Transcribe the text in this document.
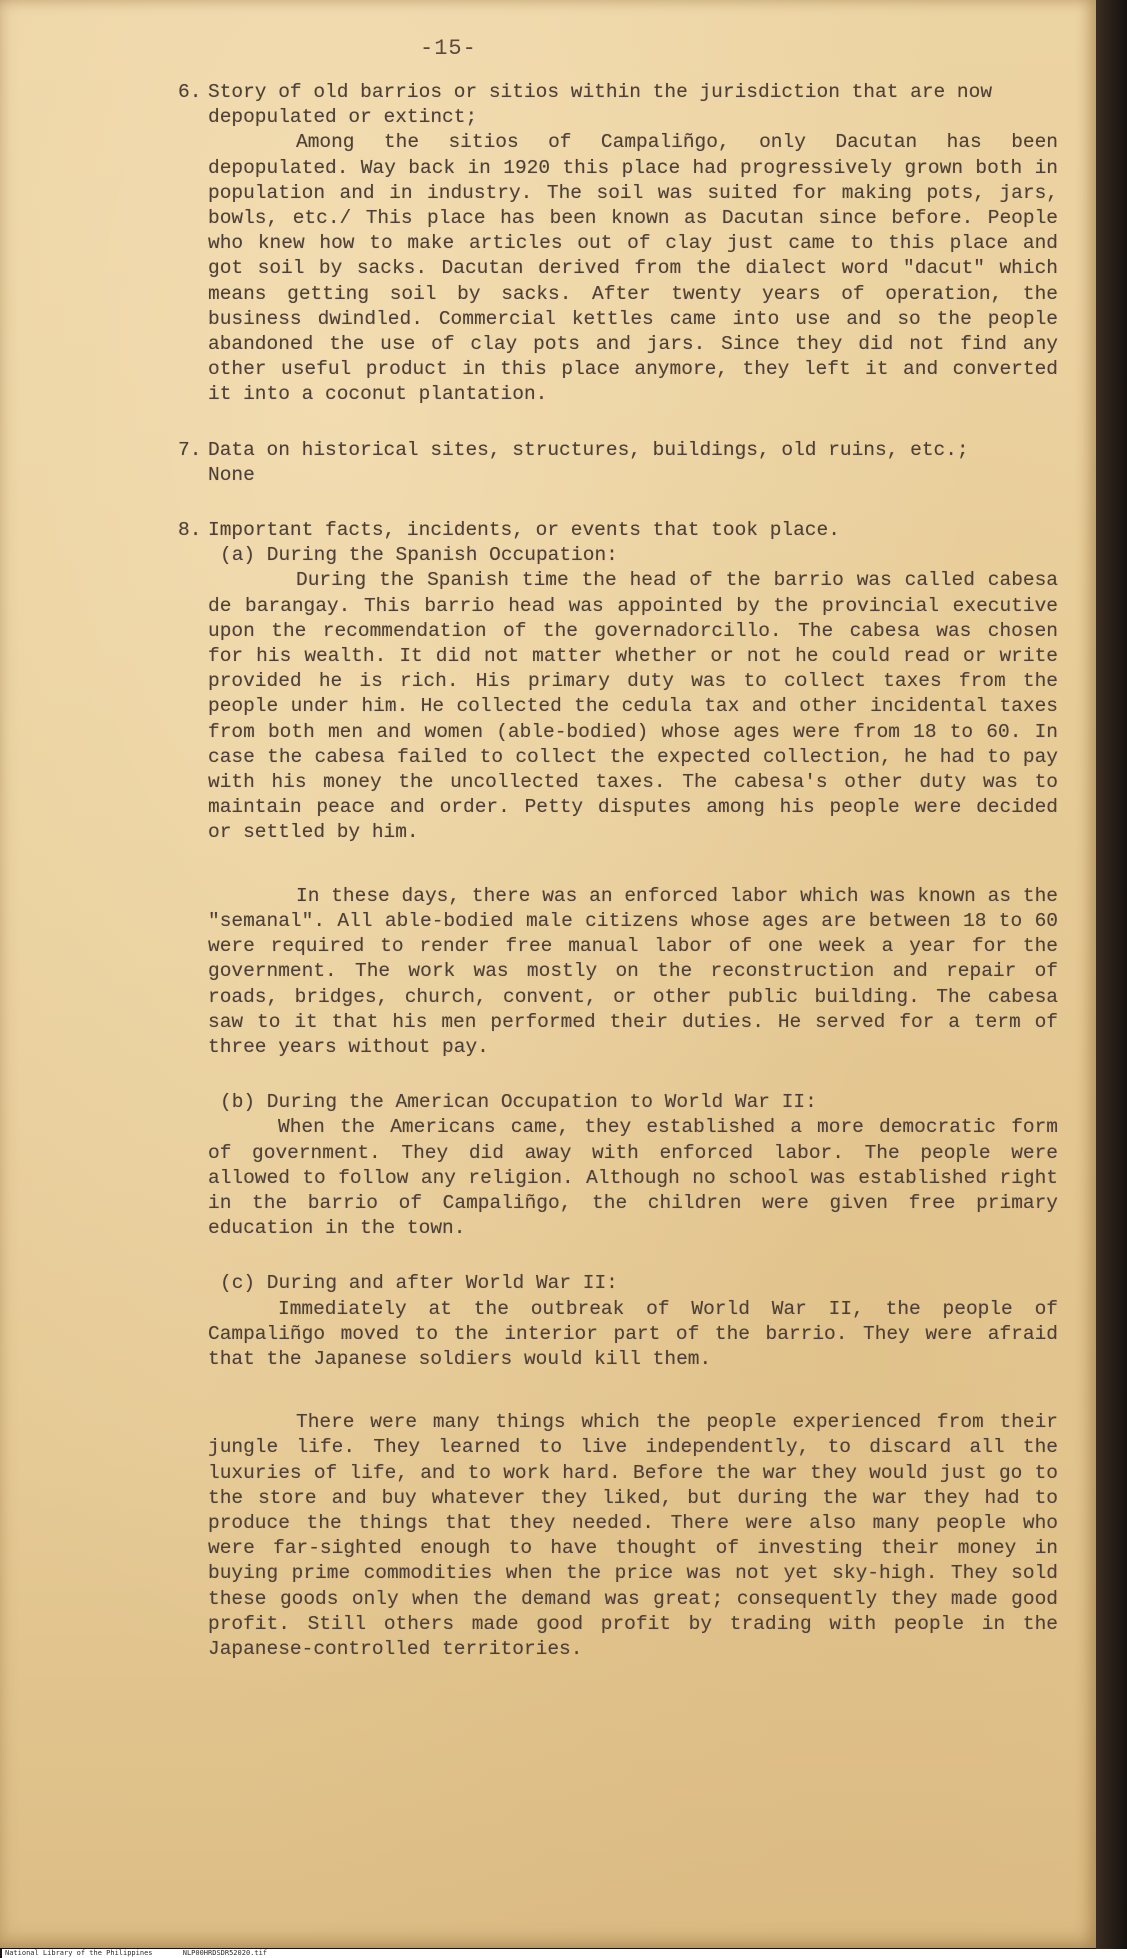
-15-
6. Story of old barrios or sitios within the jurisdiction that are now depopulated or extinct;

Among the sitios of Campaliñgo, only Dacutan has been depopulated. Way back in 1920 this place had progressively grown both in population and in industry. The soil was suited for making pots, jars, bowls, etc./ This place has been known as Dacutan since before. People who knew how to make articles out of clay just came to this place and got soil by sacks. Dacutan derived from the dialect word "dacut" which means getting soil by sacks. After twenty years of operation, the business dwindled. Commercial kettles came into use and so the people abandoned the use of clay pots and jars. Since they did not find any other useful product in this place anymore, they left it and converted it into a coconut plantation.

7. Data on historical sites, structures, buildings, old ruins, etc.;
None
8. Important facts, incidents, or events that took place.

(a) During the Spanish Occupation:

During the Spanish time the head of the barrio was called cabesa de barangay. This barrio head was appointed by the provincial executive upon the recommendation of the governadorcillo. The cabesa was chosen for his wealth. It did not matter whether or not he could read or write provided he is rich. His primary duty was to collect taxes from the people under him. He collected the cedula tax and other incidental taxes from both men and women (able-bodied) whose ages were from 18 to 60. In case the cabesa failed to collect the expected collection, he had to pay with his money the uncollected taxes. The cabesa's other duty was to maintain peace and order. Petty disputes among his people were decided or settled by him.

In these days, there was an enforced labor which was known as the "semanal". All able-bodied male citizens whose ages are between 18 to 60 were required to render free manual labor of one week a year for the government. The work was mostly on the reconstruction and repair of roads, bridges, church, convent, or other public building. The cabesa saw to it that his men performed their duties. He served for a term of three years without pay.

(b) During the American Occupation to World War II:

When the Americans came, they established a more democratic form of government. They did away with enforced labor. The people were allowed to follow any religion. Although no school was established right in the barrio of Campaliñgo, the children were given free primary education in the town.

(c) During and after World War II:

Immediately at the outbreak of World War II, the people of Campaliñgo moved to the interior part of the barrio. They were afraid that the Japanese soldiers would kill them.

There were many things which the people experienced from their jungle life. They learned to live independently, to discard all the luxuries of life, and to work hard. Before the war they would just go to the store and buy whatever they liked, but during the war they had to produce the things that they needed. There were also many people who were far-sighted enough to have thought of investing their money in buying prime commodities when the price was not yet sky-high. They sold these goods only when the demand was great; consequently they made good profit. Still others made good profit by trading with people in the Japanese-controlled territories.

National Library of the Philippines	NLP00HRDSDR52020.tif
